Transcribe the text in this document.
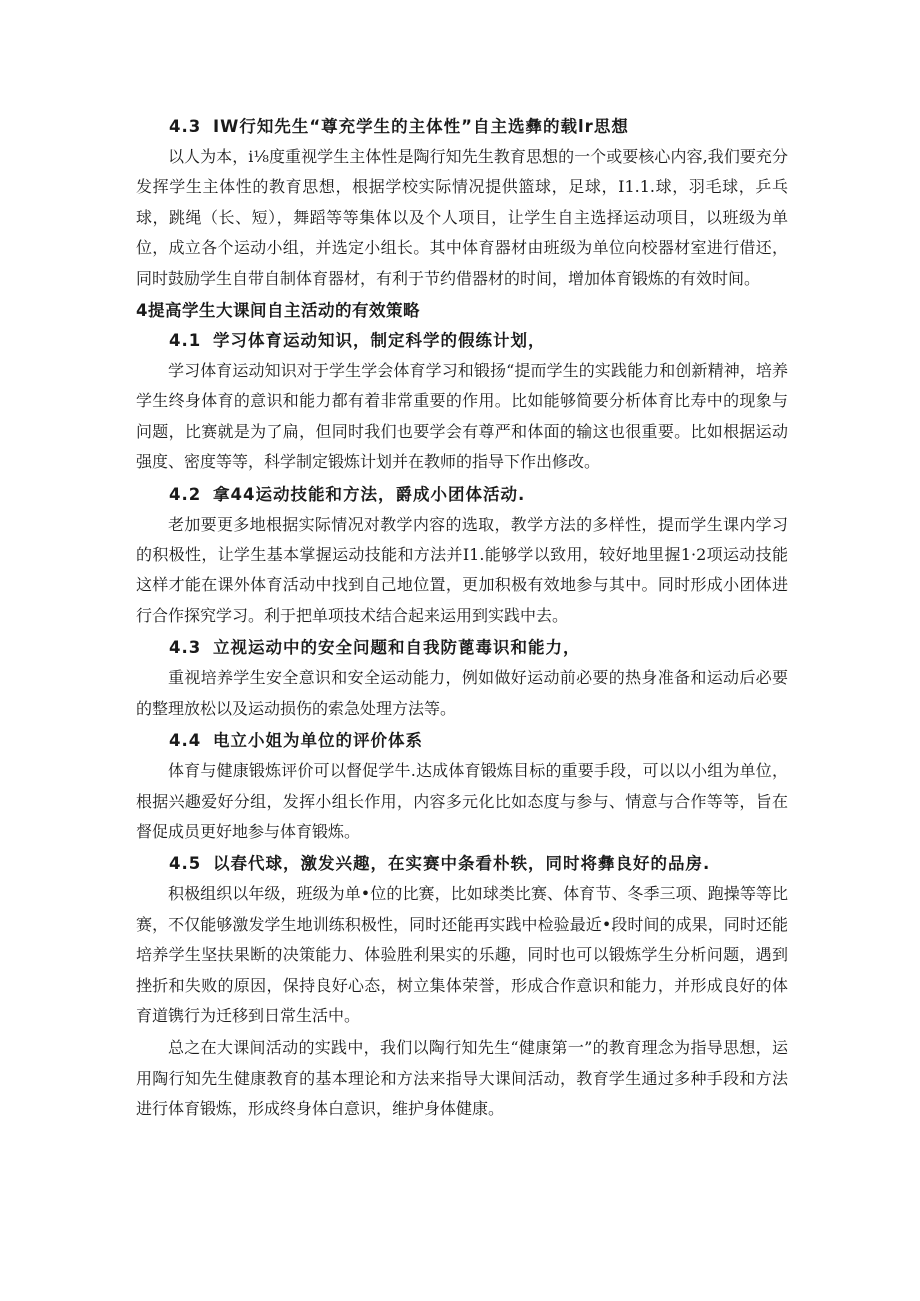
4.3 IW行知先生“尊充学生的主体性”自主选彝的载lr思想

以人为本，i⅛度重视学生主体性是陶行知先生教育思想的一个或要核心内容,我们要充分发挥学生主体性的教育思想，根据学校实际情况提供篮球，足球，I1.1.球，羽毛球，乒乓球，跳绳（长、短），舞蹈等等集体以及个人项目，让学生自主选择运动项目，以班级为单位，成立各个运动小组，并选定小组长。其中体育器材由班级为单位向校器材室进行借还，同时鼓励学生自带自制体育器材，有利于节约借器材的时间，增加体育锻炼的有效时间。

4提高学生大课间自主活动的有效策略
4.1 学习体育运动知识，制定科学的假练计划，

学习体育运动知识对于学生学会体育学习和锻扬“提而学生的实践能力和创新精神，培养学生终身体育的意识和能力都有着非常重要的作用。比如能够简要分析体育比寿中的现象与问题，比赛就是为了扁，但同时我们也要学会有尊严和体面的输这也很重要。比如根据运动强度、密度等等，科学制定锻炼计划并在教师的指导下作出修改。

4.2 拿44运动技能和方法，爵成小团体活动.

老加要更多地根据实际情况对教学内容的选取，教学方法的多样性，提而学生课内学习的积极性，让学生基本掌握运动技能和方法并I1.能够学以致用，较好地里握1·2项运动技能这样才能在课外体育活动中找到自己地位置，更加积极有效地参与其中。同时形成小团体进行合作探究学习。利于把单项技术结合起来运用到实践中去。

4.3 立视运动中的安全问题和自我防蓖毒识和能力，

重视培养学生安全意识和安全运动能力，例如做好运动前必要的热身准备和运动后必要的整理放松以及运动损伤的索急处理方法等。

4.4 电立小姐为单位的评价体系

体育与健康锻炼评价可以督促学牛.达成体育锻炼目标的重要手段，可以以小组为单位，根据兴趣爱好分组，发挥小组长作用，内容多元化比如态度与参与、情意与合作等等，旨在督促成员更好地参与体育锻炼。

4.5 以春代球，激发兴趣，在实赛中条看朴轶，同时将彝良好的品房.

积极组织以年级，班级为单•位的比赛，比如球类比赛、体育节、冬季三项、跑操等等比赛，不仅能够激发学生地训练积极性，同时还能再实践中检验最近•段时间的成果，同时还能培养学生坚扶果断的决策能力、体验胜利果实的乐趣，同时也可以锻炼学生分析问题，遇到挫折和失败的原因，保持良好心态，树立集体荣誉，形成合作意识和能力，并形成良好的体育道镌行为迁移到日常生活中。

总之在大课间活动的实践中，我们以陶行知先生“健康第一”的教育理念为指导思想，运用陶行知先生健康教育的基本理论和方法来指导大课间活动，教育学生通过多种手段和方法进行体育锻炼，形成终身体白意识，维护身体健康。
